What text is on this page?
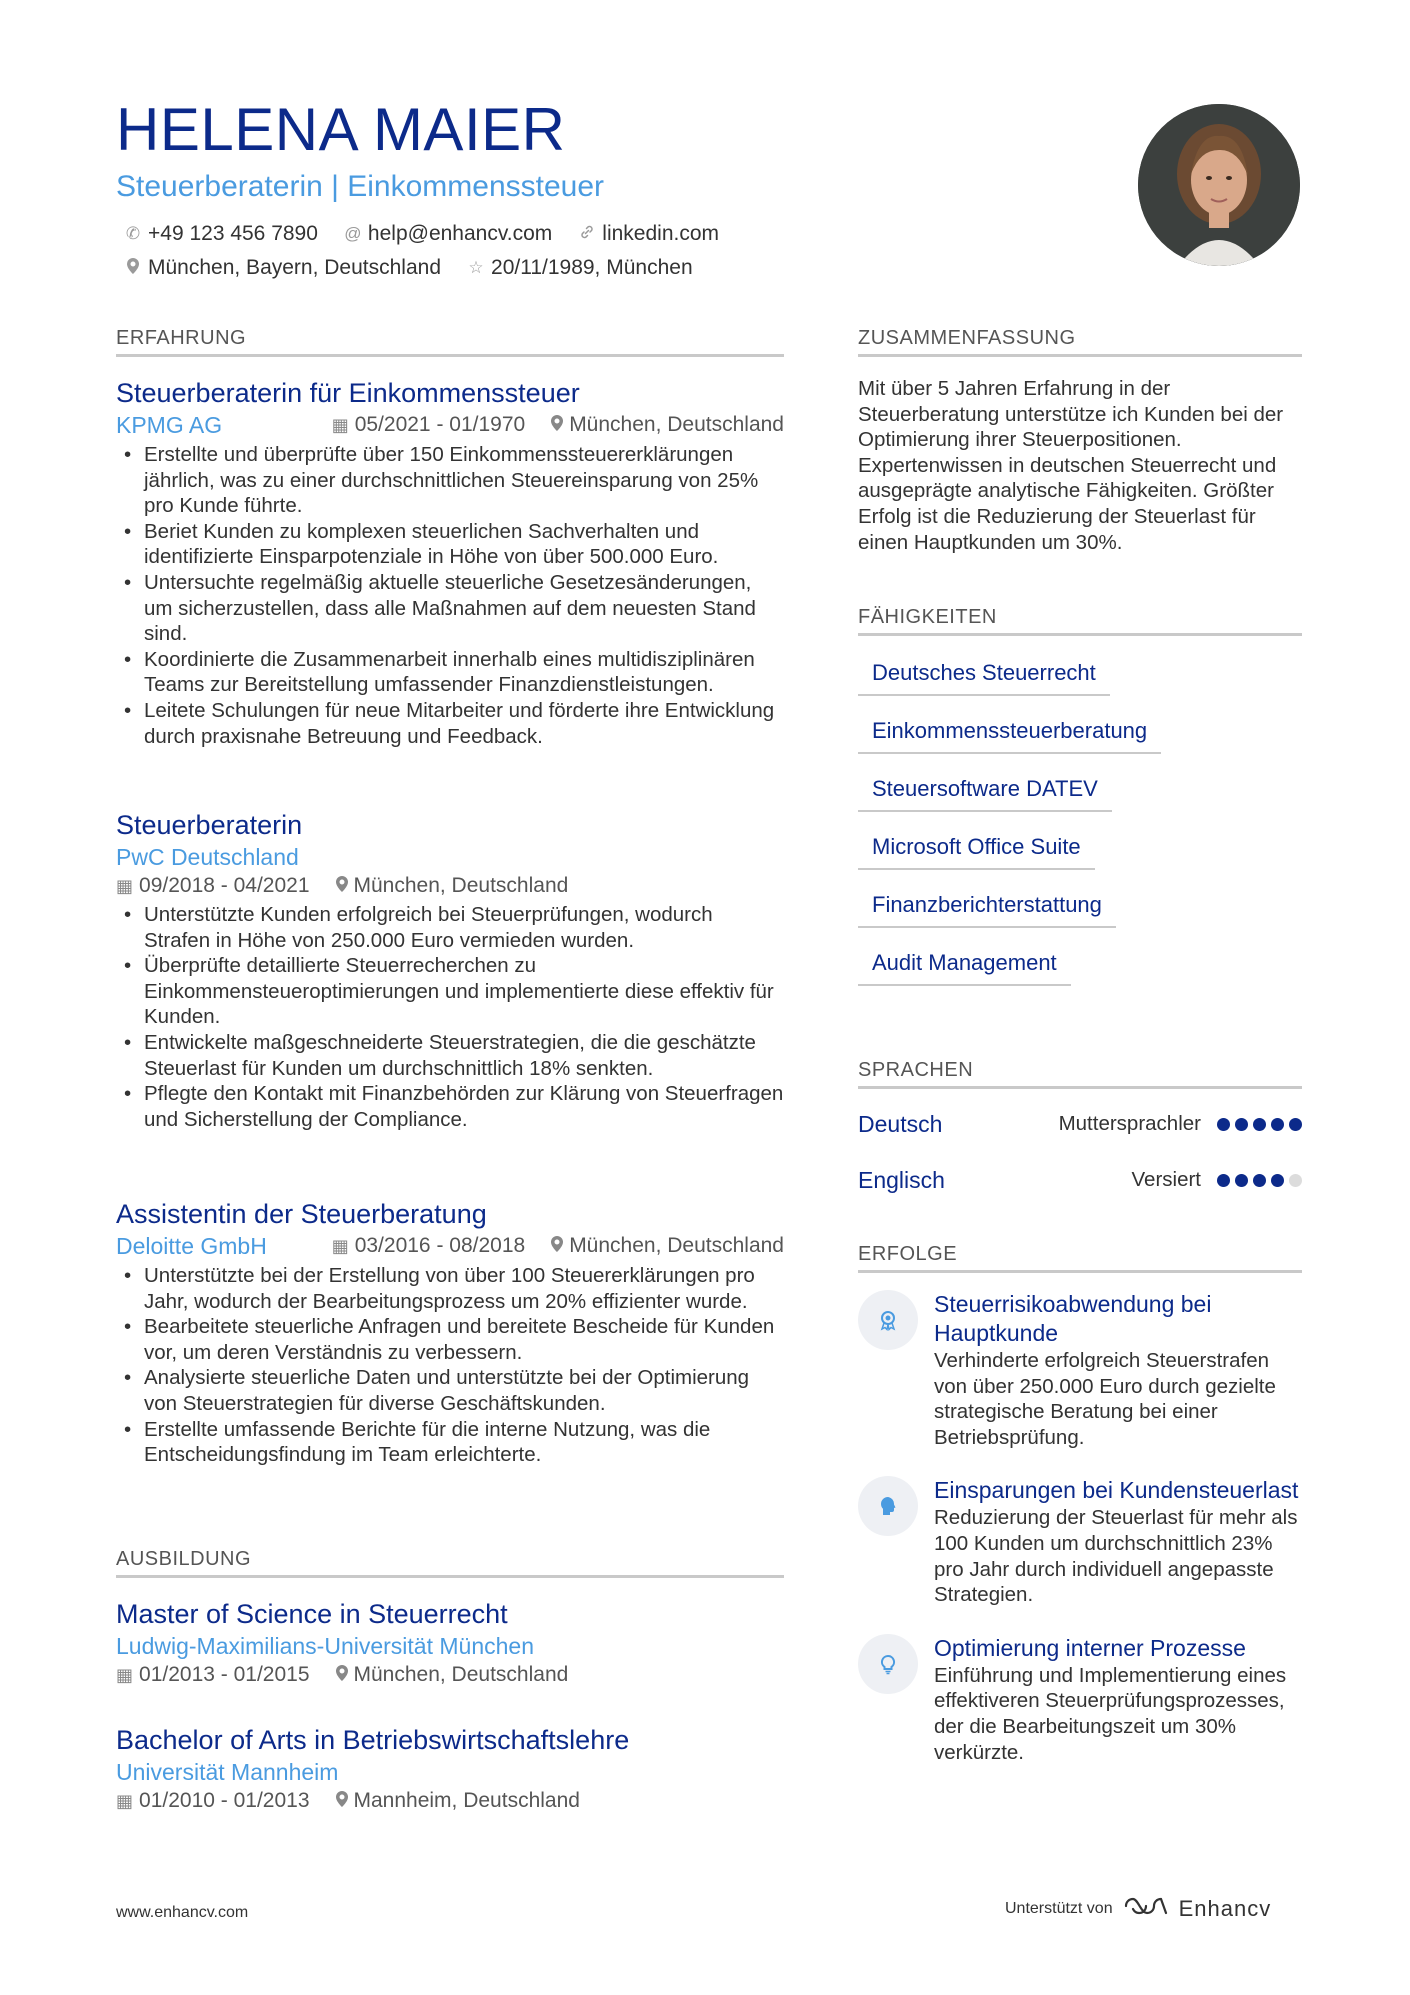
HELENA MAIER
Steuerberaterin | Einkommenssteuer
✆ +49 123 456 7890 @ help@enhancv.com linkedin.com
München, Bayern, Deutschland ☆ 20/11/1989, München
ERFAHRUNG
Steuerberaterin für Einkommenssteuer
KPMG AG	▦ 05/2021 - 01/1970 München, Deutschland
• Erstellte und überprüfte über 150 Einkommenssteuererklärungen jährlich, was zu einer durchschnittlichen Steuereinsparung von 25% pro Kunde führte.
• Beriet Kunden zu komplexen steuerlichen Sachverhalten und identifizierte Einsparpotenziale in Höhe von über 500.000 Euro.
• Untersuchte regelmäßig aktuelle steuerliche Gesetzesänderungen, um sicherzustellen, dass alle Maßnahmen auf dem neuesten Stand sind.
• Koordinierte die Zusammenarbeit innerhalb eines multidisziplinären Teams zur Bereitstellung umfassender Finanzdienstleistungen.
• Leitete Schulungen für neue Mitarbeiter und förderte ihre Entwicklung durch praxisnahe Betreuung und Feedback.
Steuerberaterin
PwC Deutschland
▦ 09/2018 - 04/2021 München, Deutschland
• Unterstützte Kunden erfolgreich bei Steuerprüfungen, wodurch Strafen in Höhe von 250.000 Euro vermieden wurden.
• Überprüfte detaillierte Steuerrecherchen zu Einkommensteueroptimierungen und implementierte diese effektiv für Kunden.
• Entwickelte maßgeschneiderte Steuerstrategien, die die geschätzte Steuerlast für Kunden um durchschnittlich 18% senkten.
• Pflegte den Kontakt mit Finanzbehörden zur Klärung von Steuerfragen und Sicherstellung der Compliance.
Assistentin der Steuerberatung
Deloitte GmbH	▦ 03/2016 - 08/2018 München, Deutschland
• Unterstützte bei der Erstellung von über 100 Steuererklärungen pro Jahr, wodurch der Bearbeitungsprozess um 20% effizienter wurde.
• Bearbeitete steuerliche Anfragen und bereitete Bescheide für Kunden vor, um deren Verständnis zu verbessern.
• Analysierte steuerliche Daten und unterstützte bei der Optimierung von Steuerstrategien für diverse Geschäftskunden.
• Erstellte umfassende Berichte für die interne Nutzung, was die Entscheidungsfindung im Team erleichterte.
AUSBILDUNG
Master of Science in Steuerrecht
Ludwig-Maximilians-Universität München
▦ 01/2013 - 01/2015 München, Deutschland
Bachelor of Arts in Betriebswirtschaftslehre
Universität Mannheim
▦ 01/2010 - 01/2013 Mannheim, Deutschland
ZUSAMMENFASSUNG
Mit über 5 Jahren Erfahrung in der Steuerberatung unterstütze ich Kunden bei der Optimierung ihrer Steuerpositionen. Expertenwissen in deutschen Steuerrecht und ausgeprägte analytische Fähigkeiten. Größter Erfolg ist die Reduzierung der Steuerlast für einen Hauptkunden um 30%.
FÄHIGKEITEN
Deutsches Steuerrecht
Einkommenssteuerberatung
Steuersoftware DATEV
Microsoft Office Suite
Finanzberichterstattung
Audit Management
SPRACHEN
Deutsch	Muttersprachler
Englisch	Versiert
ERFOLGE
Steuerrisikoabwendung bei Hauptkunde
Verhinderte erfolgreich Steuerstrafen von über 250.000 Euro durch gezielte strategische Beratung bei einer Betriebsprüfung.
Einsparungen bei Kundensteuerlast
Reduzierung der Steuerlast für mehr als 100 Kunden um durchschnittlich 23% pro Jahr durch individuell angepasste Strategien.
Optimierung interner Prozesse
Einführung und Implementierung eines effektiveren Steuerprüfungsprozesses, der die Bearbeitungszeit um 30% verkürzte.
www.enhancv.com	Unterstützt von	Enhancv
